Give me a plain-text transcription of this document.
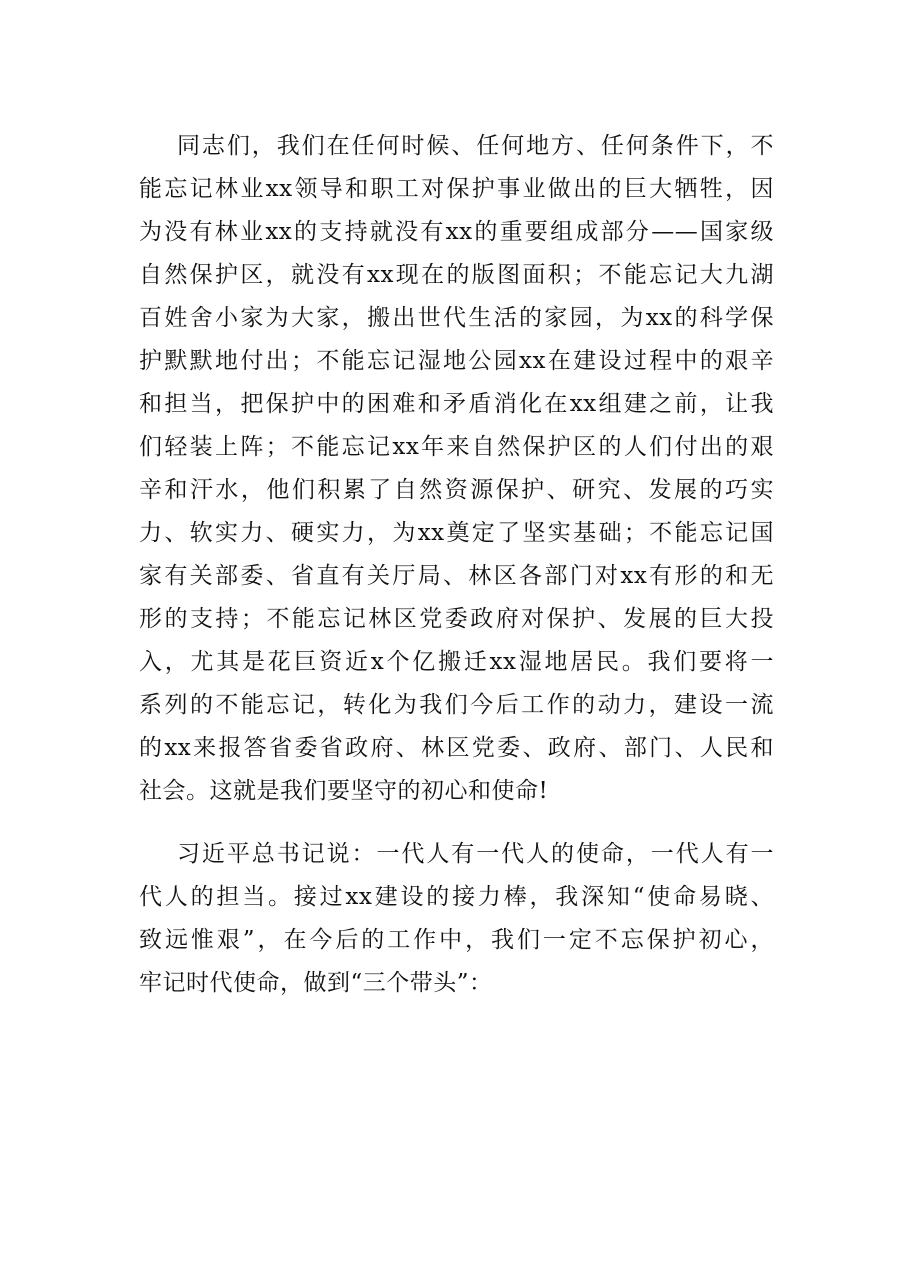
同志们，我们在任何时候、任何地方、任何条件下，不
能忘记林业xx领导和职工对保护事业做出的巨大牺牲，因
为没有林业xx的支持就没有xx的重要组成部分——国家级
自然保护区，就没有xx现在的版图面积；不能忘记大九湖
百姓舍小家为大家，搬出世代生活的家园，为xx的科学保
护默默地付出；不能忘记湿地公园xx在建设过程中的艰辛
和担当，把保护中的困难和矛盾消化在xx组建之前，让我
们轻装上阵；不能忘记xx年来自然保护区的人们付出的艰
辛和汗水，他们积累了自然资源保护、研究、发展的巧实
力、软实力、硬实力，为xx奠定了坚实基础；不能忘记国
家有关部委、省直有关厅局、林区各部门对xx有形的和无
形的支持；不能忘记林区党委政府对保护、发展的巨大投
入，尤其是花巨资近x个亿搬迁xx湿地居民。我们要将一
系列的不能忘记，转化为我们今后工作的动力，建设一流
的xx来报答省委省政府、林区党委、政府、部门、人民和
社会。这就是我们要坚守的初心和使命!
习近平总书记说：一代人有一代人的使命，一代人有一
代人的担当。接过xx建设的接力棒，我深知“使命易晓、
致远惟艰”，在今后的工作中，我们一定不忘保护初心，
牢记时代使命，做到“三个带头”：
